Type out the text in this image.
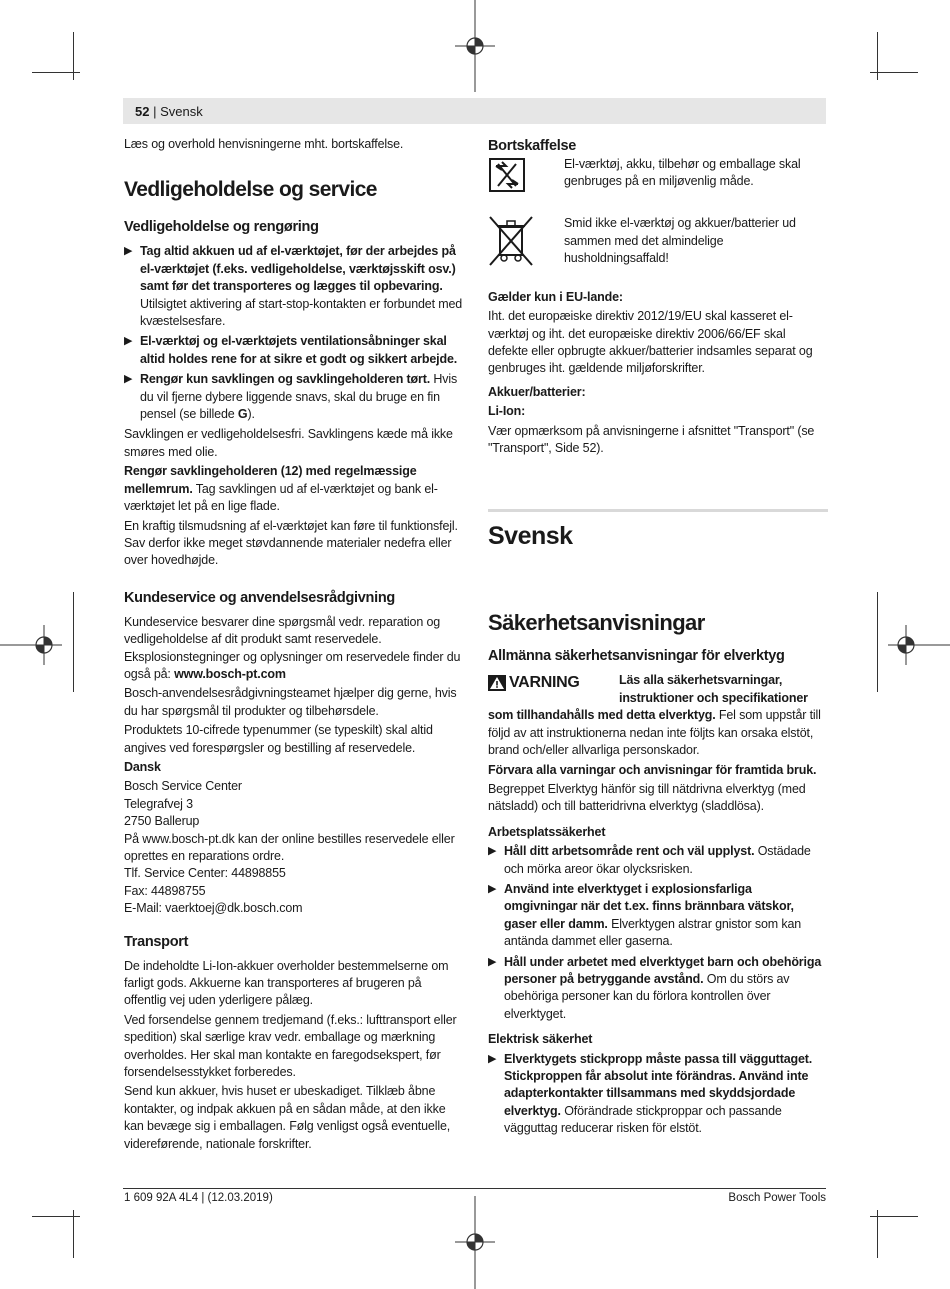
52 | Svensk

Læs og overhold henvisningerne mht. bortskaffelse.

Vedligeholdelse og service
Vedligeholdelse og rengøring
▶ Tag altid akkuen ud af el-værktøjet, før der arbejdes på el-værktøjet (f.eks. vedligeholdelse, værktøjsskift osv.) samt før det transporteres og lægges til opbevaring. Utilsigtet aktivering af start-stop-kontakten er forbundet med kvæstelsesfare.
▶ El-værktøj og el-værktøjets ventilationsåbninger skal altid holdes rene for at sikre et godt og sikkert arbejde.
▶ Rengør kun savklingen og savklingeholderen tørt. Hvis du vil fjerne dybere liggende snavs, skal du bruge en fin pensel (se billede G).

Savklingen er vedligeholdelsesfri. Savklingens kæde må ikke smøres med olie.

Rengør savklingeholderen (12) med regelmæssige mellemrum. Tag savklingen ud af el-værktøjet og bank el-værktøjet let på en lige flade.

En kraftig tilsmudsning af el-værktøjet kan føre til funktionsfejl. Sav derfor ikke meget støvdannende materialer nedefra eller over hovedhøjde.

Kundeservice og anvendelsesrådgivning

Kundeservice besvarer dine spørgsmål vedr. reparation og vedligeholdelse af dit produkt samt reservedele. Eksplosionstegninger og oplysninger om reservedele finder du også på: www.bosch-pt.com

Bosch-anvendelsesrådgivningsteamet hjælper dig gerne, hvis du har spørgsmål til produkter og tilbehørsdele.

Produktets 10-cifrede typenummer (se typeskilt) skal altid angives ved forespørgsler og bestilling af reservedele.

Dansk

Bosch Service Center
Telegrafvej 3
2750 Ballerup
På www.bosch-pt.dk kan der online bestilles reservedele eller oprettes en reparations ordre.
Tlf. Service Center: 44898855
Fax: 44898755
E-Mail: vaerktoej@dk.bosch.com
Transport

De indeholdte Li-Ion-akkuer overholder bestemmelserne om farligt gods. Akkuerne kan transporteres af brugeren på offentlig vej uden yderligere pålæg.

Ved forsendelse gennem tredjemand (f.eks.: lufttransport eller spedition) skal særlige krav vedr. emballage og mærkning overholdes. Her skal man kontakte en faregodsekspert, før forsendelsesstykket forberedes.

Send kun akkuer, hvis huset er ubeskadiget. Tilklæb åbne kontakter, og indpak akkuen på en sådan måde, at den ikke kan bevæge sig i emballagen. Følg venligst også eventuelle, videreførende, nationale forskrifter.

Bortskaffelse
El-værktøj, akku, tilbehør og emballage skal genbruges på en miljøvenlig måde.
Smid ikke el-værktøj og akkuer/batterier ud sammen med det almindelige husholdningsaffald!

Gælder kun i EU-lande:

Iht. det europæiske direktiv 2012/19/EU skal kasseret el-værktøj og iht. det europæiske direktiv 2006/66/EF skal defekte eller opbrugte akkuer/batterier indsamles separat og genbruges iht. gældende miljøforskrifter.

Akkuer/batterier:

Li-Ion:

Vær opmærksom på anvisningerne i afsnittet "Transport" (se "Transport", Side 52).

Svensk
Säkerhetsanvisningar
Allmänna säkerhetsanvisningar för elverktyg
VARNING	Läs alla säkerhetsvarningar, instruktioner och specifikationer

som tillhandahålls med detta elverktyg. Fel som uppstår till följd av att instruktionerna nedan inte följts kan orsaka elstöt, brand och/eller allvarliga personskador.

Förvara alla varningar och anvisningar för framtida bruk.

Begreppet Elverktyg hänför sig till nätdrivna elverktyg (med nätsladd) och till batteridrivna elverktyg (sladdlösa).

Arbetsplatssäkerhet

▶ Håll ditt arbetsområde rent och väl upplyst. Ostädade och mörka areor ökar olycksrisken.
▶ Använd inte elverktyget i explosionsfarliga omgivningar när det t.ex. finns brännbara vätskor, gaser eller damm. Elverktygen alstrar gnistor som kan antända dammet eller gaserna.
▶ Håll under arbetet med elverktyget barn och obehöriga personer på betryggande avstånd. Om du störs av obehöriga personer kan du förlora kontrollen över elverktyget.

Elektrisk säkerhet

▶ Elverktygets stickpropp måste passa till vägguttaget. Stickproppen får absolut inte förändras. Använd inte adapterkontakter tillsammans med skyddsjordade elverktyg. Oförändrade stickproppar och passande vägguttag reducerar risken för elstöt.
1 609 92A 4L4 | (12.03.2019)	Bosch Power Tools
